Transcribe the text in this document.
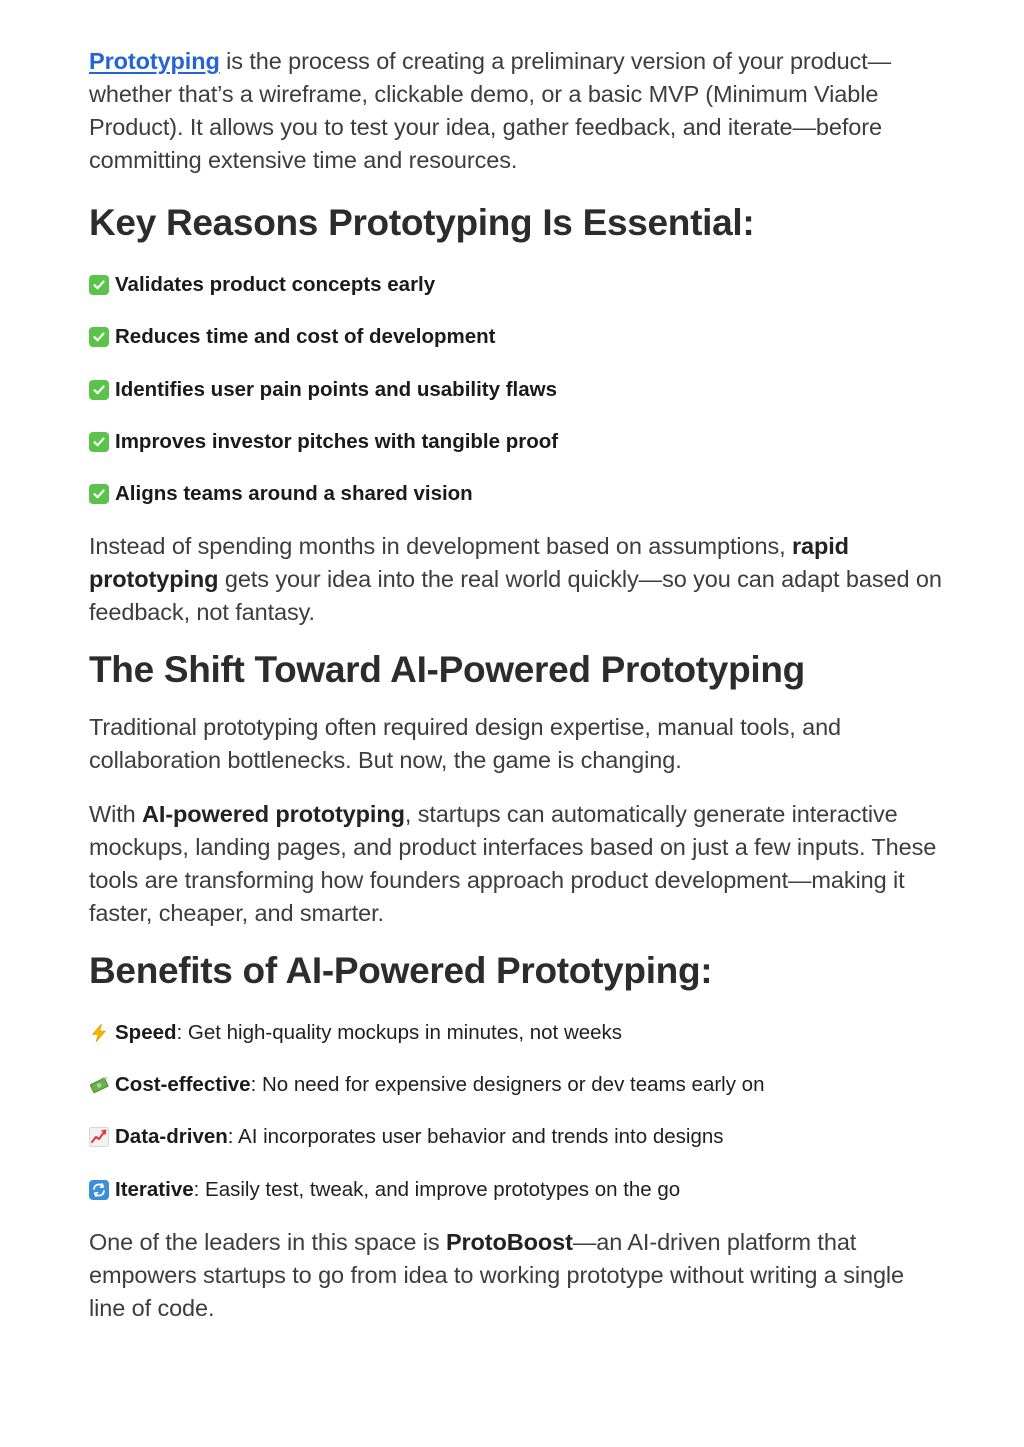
Prototyping is the process of creating a preliminary version of your product—whether that’s a wireframe, clickable demo, or a basic MVP (Minimum Viable Product). It allows you to test your idea, gather feedback, and iterate—before committing extensive time and resources.

Key Reasons Prototyping Is Essential:
Validates product concepts early
Reduces time and cost of development
Identifies user pain points and usability flaws
Improves investor pitches with tangible proof
Aligns teams around a shared vision

Instead of spending months in development based on assumptions, rapid prototyping gets your idea into the real world quickly—so you can adapt based on feedback, not fantasy.

The Shift Toward AI-Powered Prototyping

Traditional prototyping often required design expertise, manual tools, and collaboration bottlenecks. But now, the game is changing.

With AI-powered prototyping, startups can automatically generate interactive mockups, landing pages, and product interfaces based on just a few inputs. These tools are transforming how founders approach product development—making it faster, cheaper, and smarter.

Benefits of AI-Powered Prototyping:
Speed : Get high-quality mockups in minutes, not weeks
Cost-effective : No need for expensive designers or dev teams early on
Data-driven : AI incorporates user behavior and trends into designs
Iterative : Easily test, tweak, and improve prototypes on the go

One of the leaders in this space is ProtoBoost—an AI-driven platform that empowers startups to go from idea to working prototype without writing a single line of code.
